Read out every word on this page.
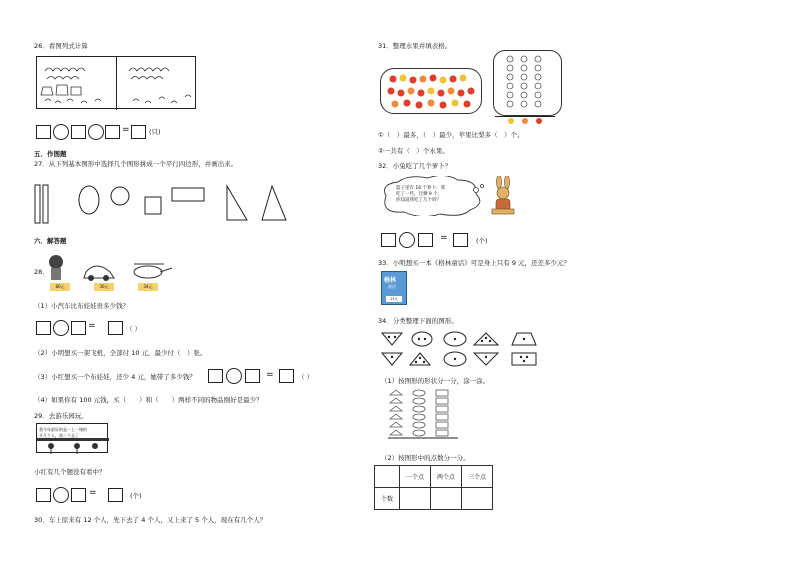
26．看图列式计算
=	(只)
五．作图题
27．从下列基本图形中选择几个图形拼成一个平行四边形，并画出来。
六．解答题
28．
80元	30元	34元
（1）小汽车比布娃娃贵多少钱？
=	（ ）
（2）小明想买一架飞机，全部付 10 元，最少付（　）张。
（3）小红想买一个布娃娃，还少 4 元，她带了多少钱？	=	（ ）
（4）如果你有 100 元钱，买（　　）和（　　）两样不同的物品刚好是最少？
29．去游乐园玩。
我今年最好的是一上一课的
开几个人，第三个去了
小红有几个题没有看中？
=	(个)
30．车上原来有 12 个人，先下去了 4 个人，又上来了 5 个人，现在有几个人？
31．整理水果并填表格。
①（　）最多，（　）最少，苹果比梨多（　）个。
②一共有（　）个水果。
32．小兔吃了几个萝卜？
篮子里有 16 个萝卜，我
吃了一些，还剩 9 个，
你知道我吃了几个吗？
=	(个)
33．小明想买一本《格林童话》可是身上只有 9 元，还差多少元？
格林
童话
13元
34．分类整理下面的图形。
（1）按图形的形状分一分，涂一涂。
（2）按图形中的点数分一分。
	一个点	两个点	三个点
个数			
